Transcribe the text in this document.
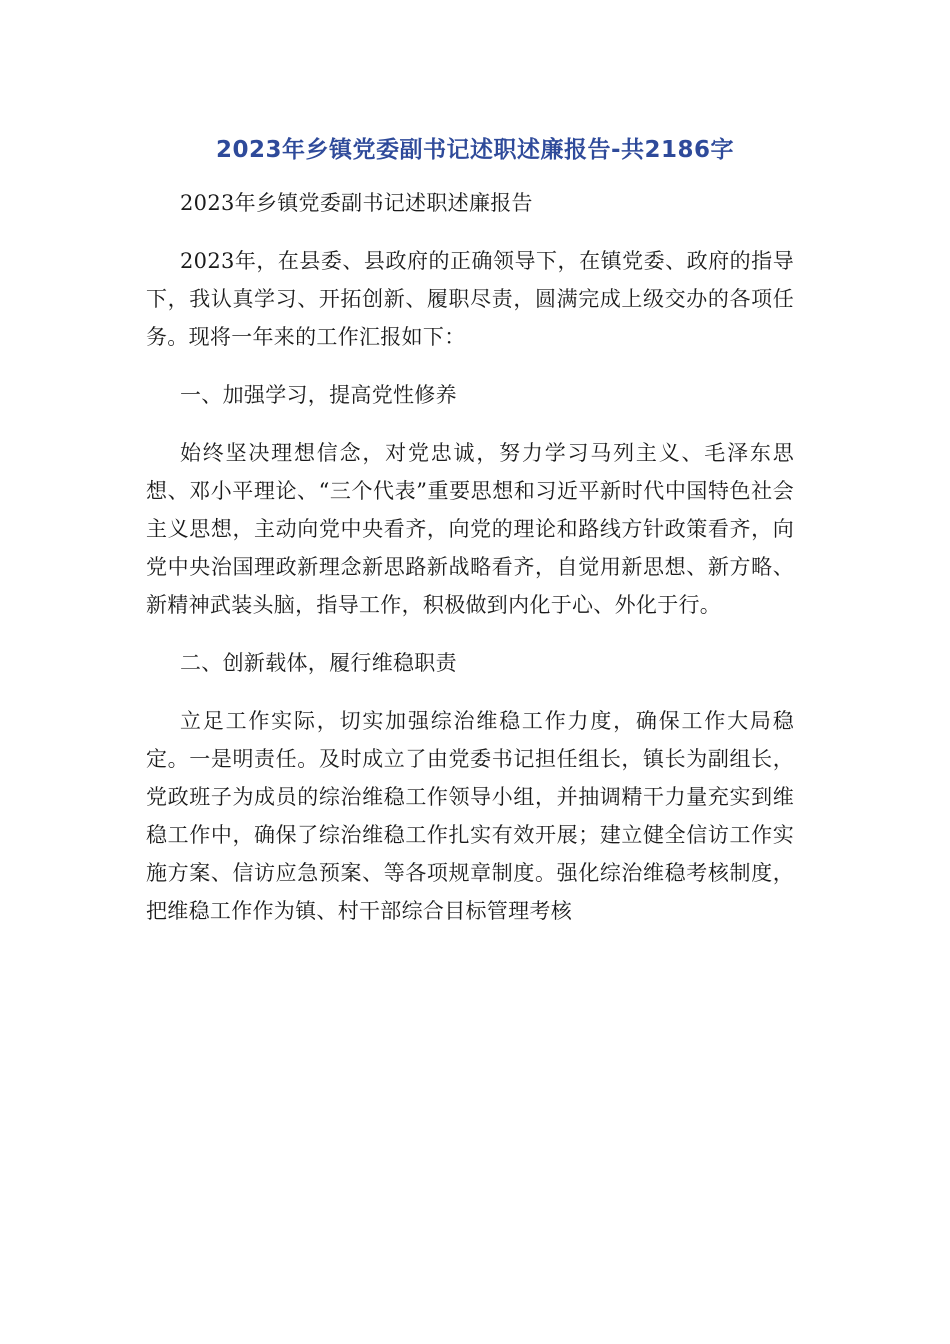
2023年乡镇党委副书记述职述廉报告-共2186字

2023年乡镇党委副书记述职述廉报告

2023年，在县委、县政府的正确领导下，在镇党委、政府的指导下，我认真学习、开拓创新、履职尽责，圆满完成上级交办的各项任务。现将一年来的工作汇报如下：

一、加强学习，提高党性修养

始终坚决理想信念，对党忠诚，努力学习马列主义、毛泽东思想、邓小平理论、“三个代表”重要思想和习近平新时代中国特色社会主义思想，主动向党中央看齐，向党的理论和路线方针政策看齐，向党中央治国理政新理念新思路新战略看齐，自觉用新思想、新方略、新精神武装头脑，指导工作，积极做到内化于心、外化于行。

二、创新载体，履行维稳职责

立足工作实际，切实加强综治维稳工作力度，确保工作大局稳定。一是明责任。及时成立了由党委书记担任组长，镇长为副组长，党政班子为成员的综治维稳工作领导小组，并抽调精干力量充实到维稳工作中，确保了综治维稳工作扎实有效开展；建立健全信访工作实施方案、信访应急预案、等各项规章制度。强化综治维稳考核制度，把维稳工作作为镇、村干部综合目标管理考核
